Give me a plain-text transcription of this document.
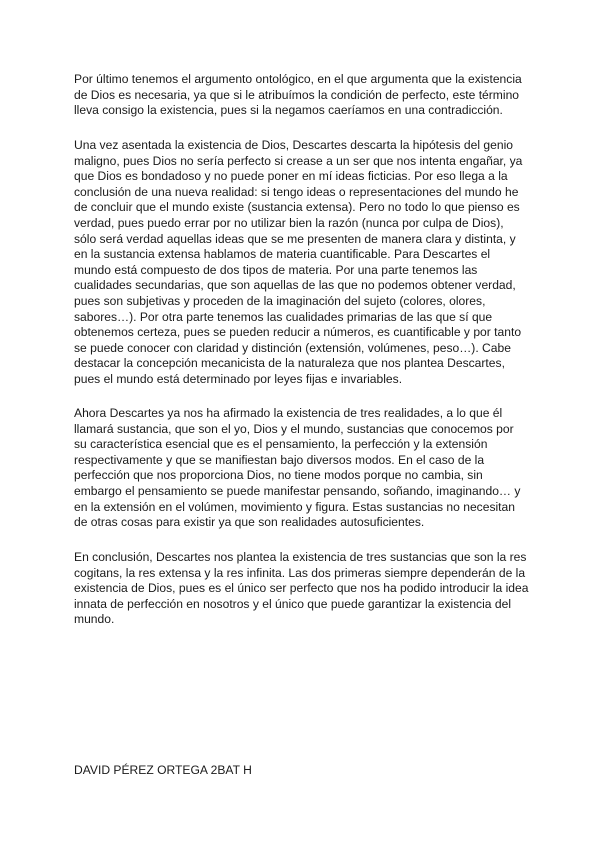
Por último tenemos el argumento ontológico, en el que argumenta que la existencia

de Dios es necesaria, ya que si le atribuímos la condición de perfecto, este término

lleva consigo la existencia, pues si la negamos caeríamos en una contradicción.

Una vez asentada la existencia de Dios, Descartes descarta la hipótesis del genio

maligno, pues Dios no sería perfecto si crease a un ser que nos intenta engañar, ya

que Dios es bondadoso y no puede poner en mí ideas ficticias. Por eso llega a la

conclusión de una nueva realidad: si tengo ideas o representaciones del mundo he

de concluir que el mundo existe (sustancia extensa). Pero no todo lo que pienso es

verdad, pues puedo errar por no utilizar bien la razón (nunca por culpa de Dios),

sólo será verdad aquellas ideas que se me presenten de manera clara y distinta, y

en la sustancia extensa hablamos de materia cuantificable. Para Descartes el

mundo está compuesto de dos tipos de materia. Por una parte tenemos las

cualidades secundarias, que son aquellas de las que no podemos obtener verdad,

pues son subjetivas y proceden de la imaginación del sujeto (colores, olores,

sabores…). Por otra parte tenemos las cualidades primarias de las que sí que

obtenemos certeza, pues se pueden reducir a números, es cuantificable y por tanto

se puede conocer con claridad y distinción (extensión, volúmenes, peso…). Cabe

destacar la concepción mecanicista de la naturaleza que nos plantea Descartes,

pues el mundo está determinado por leyes fijas e invariables.

Ahora Descartes ya nos ha afirmado la existencia de tres realidades, a lo que él

llamará sustancia, que son el yo, Dios y el mundo, sustancias que conocemos por

su característica esencial que es el pensamiento, la perfección y la extensión

respectivamente y que se manifiestan bajo diversos modos. En el caso de la

perfección que nos proporciona Dios, no tiene modos porque no cambia, sin

embargo el pensamiento se puede manifestar pensando, soñando, imaginando… y

en la extensión en el volúmen, movimiento y figura. Estas sustancias no necesitan

de otras cosas para existir ya que son realidades autosuficientes.

En conclusión, Descartes nos plantea la existencia de tres sustancias que son la res

cogitans, la res extensa y la res infinita. Las dos primeras siempre dependerán de la

existencia de Dios, pues es el único ser perfecto que nos ha podido introducir la idea

innata de perfección en nosotros y el único que puede garantizar la existencia del

mundo.

DAVID PÉREZ ORTEGA 2BAT H
